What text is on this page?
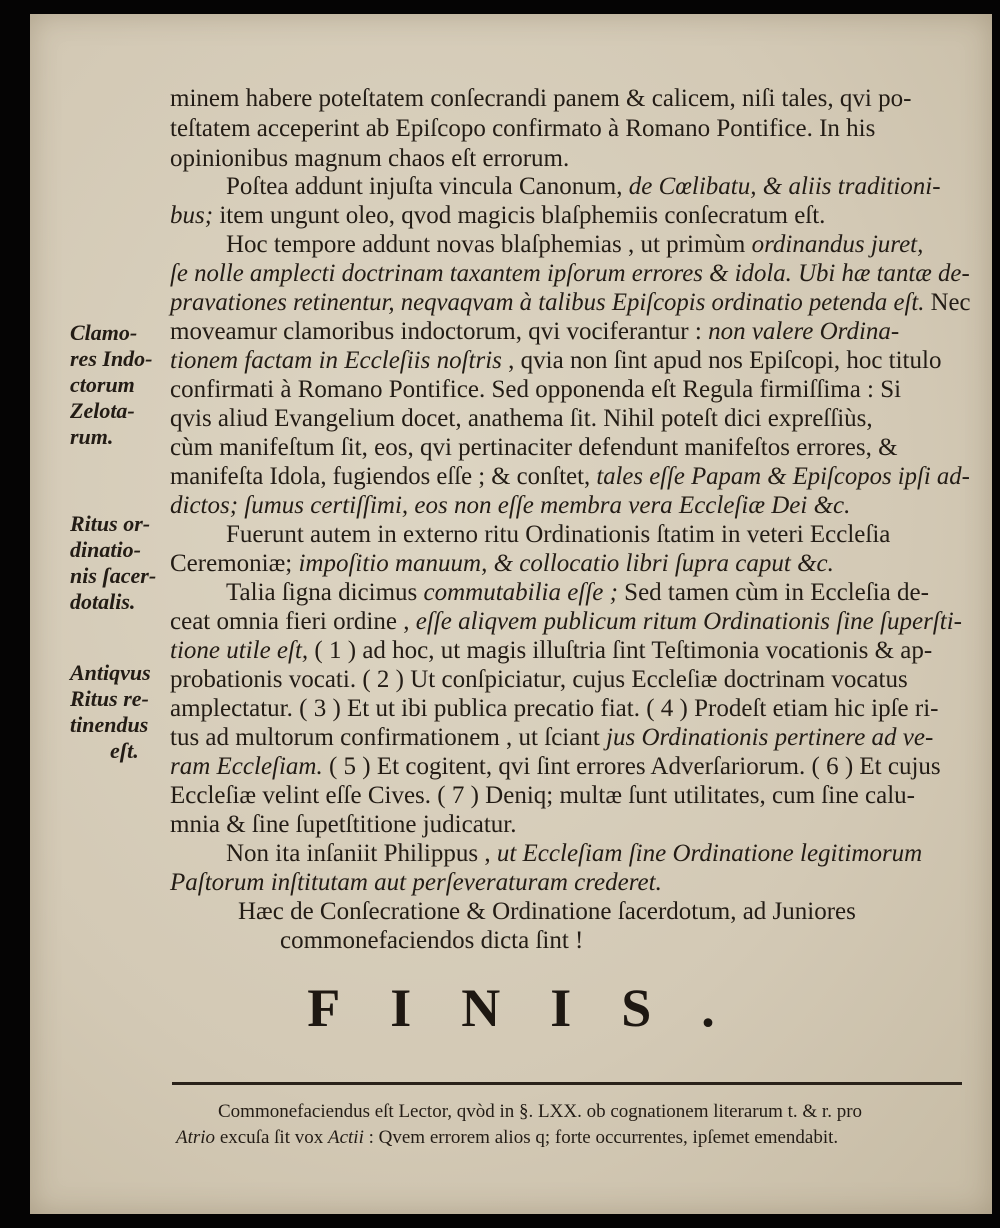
minem habere poteſtatem conſecrandi panem & calicem, niſi tales, qvi po-
teſtatem acceperint ab Epiſcopo confirmato à Romano Pontifice. In his
opinionibus magnum chaos eſt errorum.
Poſtea addunt injuſta vincula Canonum, de Cœlibatu, & aliis traditioni-
bus; item ungunt oleo, qvod magicis blaſphemiis conſecratum eſt.
Hoc tempore addunt novas blaſphemias , ut primùm ordinandus juret,
ſe nolle amplecti doctrinam taxantem ipſorum errores & idola. Ubi hæ tantæ de-
pravationes retinentur, neqvaqvam à talibus Epiſcopis ordinatio petenda eſt. Nec
moveamur clamoribus indoctorum, qvi vociferantur : non valere Ordina-
tionem factam in Eccleſiis noſtris , qvia non ſint apud nos Epiſcopi, hoc titulo
confirmati à Romano Pontifice. Sed opponenda eſt Regula firmiſſima : Si
qvis aliud Evangelium docet, anathema ſit. Nihil poteſt dici expreſſiùs,
cùm manifeſtum ſit, eos, qvi pertinaciter defendunt manifeſtos errores, &
manifeſta Idola, fugiendos eſſe ; & conſtet, tales eſſe Papam & Epiſcopos ipſi ad-
dictos; ſumus certiſſimi, eos non eſſe membra vera Eccleſiæ Dei &c.
Fuerunt autem in externo ritu Ordinationis ſtatim in veteri Eccleſia
Ceremoniæ; impoſitio manuum, & collocatio libri ſupra caput &c.
Talia ſigna dicimus commutabilia eſſe ; Sed tamen cùm in Eccleſia de-
ceat omnia fieri ordine , eſſe aliqvem publicum ritum Ordinationis ſine ſuperſti-
tione utile eſt, ( 1 ) ad hoc, ut magis illuſtria ſint Teſtimonia vocationis & ap-
probationis vocati. ( 2 ) Ut conſpiciatur, cujus Eccleſiæ doctrinam vocatus
amplectatur. ( 3 ) Et ut ibi publica precatio fiat. ( 4 ) Prodeſt etiam hic ipſe ri-
tus ad multorum confirmationem , ut ſciant jus Ordinationis pertinere ad ve-
ram Eccleſiam. ( 5 ) Et cogitent, qvi ſint errores Adverſariorum. ( 6 ) Et cujus
Eccleſiæ velint eſſe Cives. ( 7 ) Deniq; multæ ſunt utilitates, cum ſine calu-
mnia & ſine ſupetſtitione judicatur.
Non ita inſaniit Philippus , ut Eccleſiam ſine Ordinatione legitimorum
Paſtorum inſtitutam aut perſeveraturam crederet.
Hæc de Conſecratione & Ordinatione ſacerdotum, ad Juniores
commonefaciendos dicta ſint !
Clamo-
res Indo-
ctorum
Zelota-
rum.
Ritus or-
dinatio-
nis ſacer-
dotalis.
Antiqvus
Ritus re-
tinendus
eſt.
FINIS.
Commonefaciendus eſt Lector, qvòd in §. LXX. ob cognationem literarum t. & r. pro
Atrio excuſa ſit vox Actii : Qvem errorem alios q; forte occurrentes, ipſemet emendabit.
